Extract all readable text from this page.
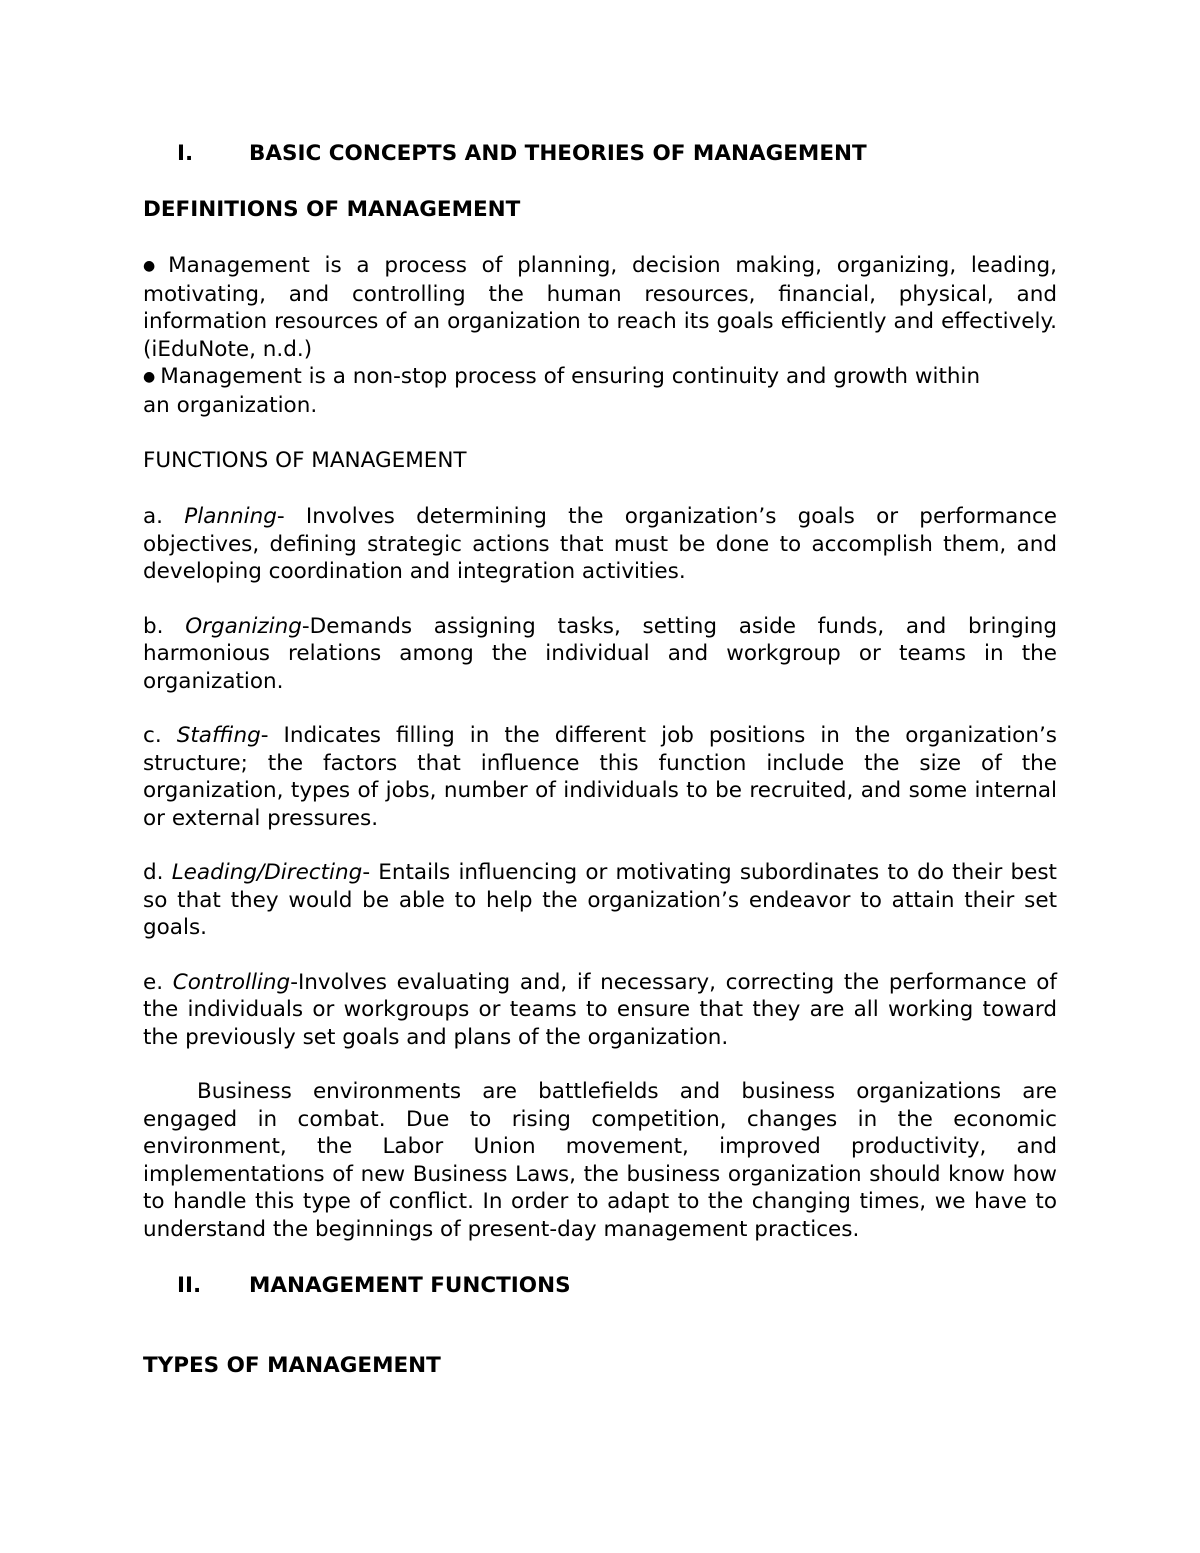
I.	BASIC CONCEPTS AND THEORIES OF MANAGEMENT
DEFINITIONS OF MANAGEMENT

● Management is a process of planning, decision making, organizing, leading, motivating, and controlling the human resources, financial, physical, and information resources of an organization to reach its goals efficiently and effectively. (iEduNote, n.d.)

● Management is a non-stop process of ensuring continuity and growth within an organization.

FUNCTIONS OF MANAGEMENT

a. Planning- Involves determining the organization’s goals or performance objectives, defining strategic actions that must be done to accomplish them, and developing coordination and integration activities.

b. Organizing-Demands assigning tasks, setting aside funds, and bringing harmonious relations among the individual and workgroup or teams in the organization.

c. Staffing- Indicates filling in the different job positions in the organization’s structure; the factors that influence this function include the size of the organization, types of jobs, number of individuals to be recruited, and some internal or external pressures.

d. Leading/Directing- Entails influencing or motivating subordinates to do their best so that they would be able to help the organization’s endeavor to attain their set goals.

e. Controlling-Involves evaluating and, if necessary, correcting the performance of the individuals or workgroups or teams to ensure that they are all working toward the previously set goals and plans of the organization.

Business environments are battlefields and business organizations are engaged in combat. Due to rising competition, changes in the economic environment, the Labor Union movement, improved productivity, and implementations of new Business Laws, the business organization should know how to handle this type of conflict. In order to adapt to the changing times, we have to understand the beginnings of present-day management practices.

II.	MANAGEMENT FUNCTIONS
TYPES OF MANAGEMENT
